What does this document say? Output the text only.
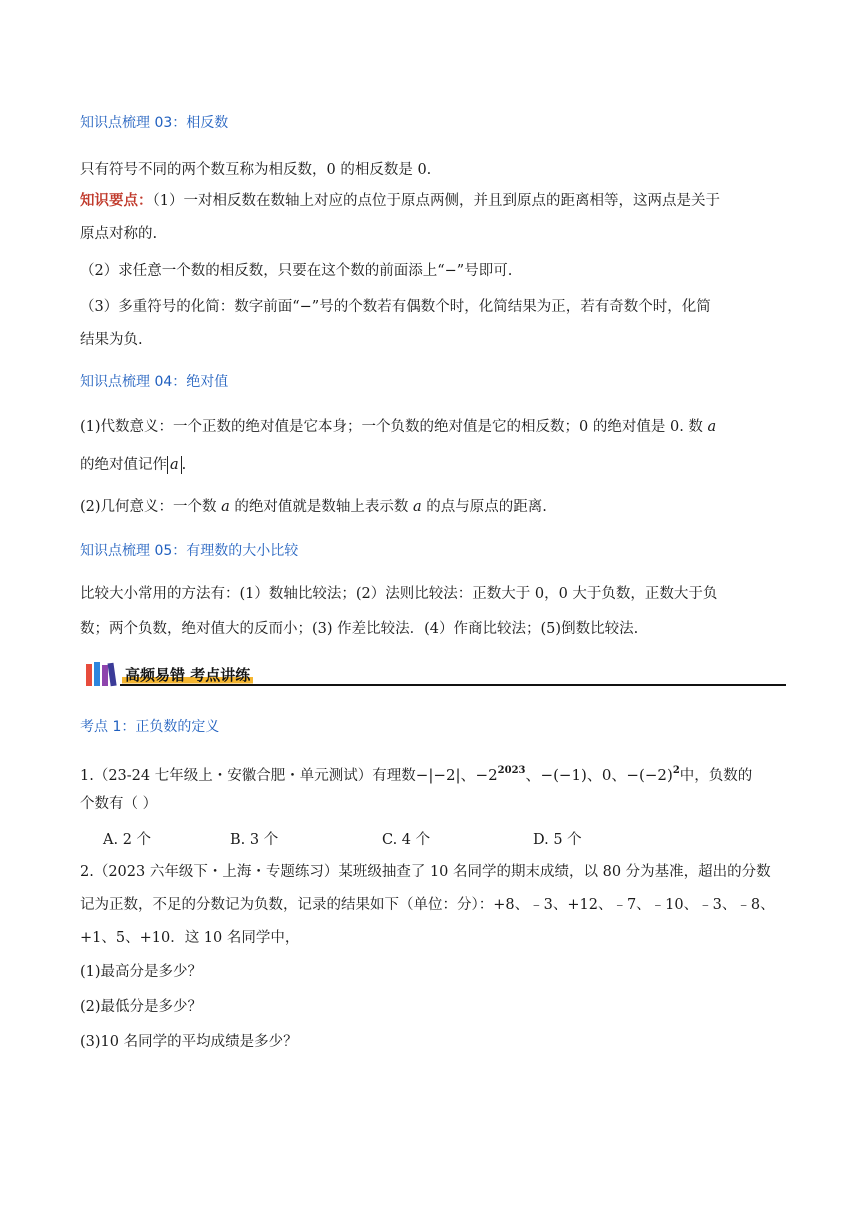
知识点梳理 03：相反数
只有符号不同的两个数互称为相反数，0 的相反数是 0.
知识要点：（1）一对相反数在数轴上对应的点位于原点两侧，并且到原点的距离相等，这两点是关于
原点对称的.
（2）求任意一个数的相反数，只要在这个数的前面添上“−”号即可.
（3）多重符号的化简：数字前面“−”号的个数若有偶数个时，化简结果为正，若有奇数个时，化简
结果为负.
知识点梳理 04：绝对值
(1)代数意义：一个正数的绝对值是它本身；一个负数的绝对值是它的相反数；0 的绝对值是 0. 数 a
的绝对值记作 a .
(2)几何意义：一个数 a 的绝对值就是数轴上表示数 a 的点与原点的距离.
知识点梳理 05：有理数的大小比较
比较大小常用的方法有：(1）数轴比较法；(2）法则比较法：正数大于 0，0 大于负数，正数大于负
数；两个负数，绝对值大的反而小；(3) 作差比较法．(4）作商比较法；(5)倒数比较法.
高频易错 考点讲练
考点 1：正负数的定义
1.（23-24 七年级上・安徽合肥・单元测试）有理数−|−2|、$-2^{2023}$、−(−1)、0、$-(-2)^2$中，负数的
个数有（ ）
A. 2 个	B. 3 个	C. 4 个	D. 5 个
2.（2023 六年级下・上海・专题练习）某班级抽查了 10 名同学的期末成绩，以 80 分为基准，超出的分数
记为正数，不足的分数记为负数，记录的结果如下（单位：分）：+8、﹣3、+12、﹣7、﹣10、﹣3、﹣8、
+1、5、+10．这 10 名同学中，
(1)最高分是多少？
(2)最低分是多少？
(3)10 名同学的平均成绩是多少？
